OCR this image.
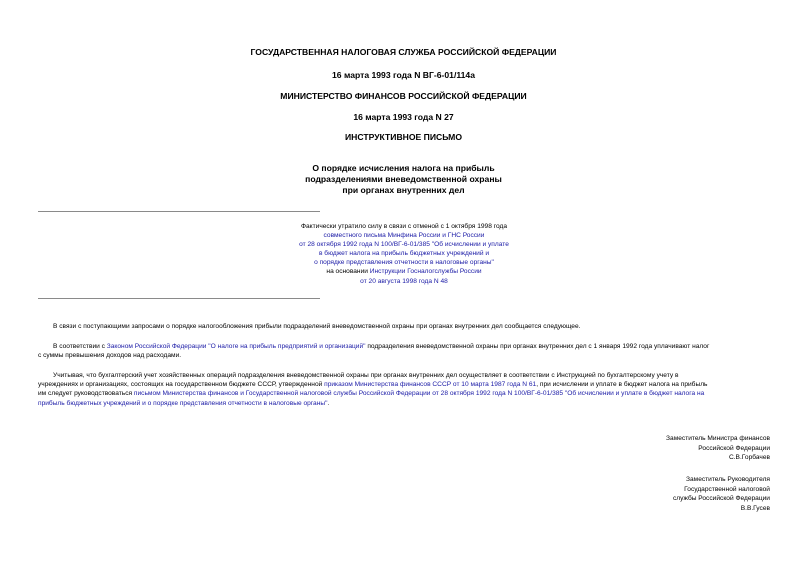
ГОСУДАРСТВЕННАЯ НАЛОГОВАЯ СЛУЖБА РОССИЙСКОЙ ФЕДЕРАЦИИ
16 марта 1993 года N ВГ-6-01/114а
МИНИСТЕРСТВО ФИНАНСОВ РОССИЙСКОЙ ФЕДЕРАЦИИ
16 марта 1993 года N 27
ИНСТРУКТИВНОЕ ПИСЬМО
О порядке исчисления налога на прибыль
подразделениями вневедомственной охраны
при органах внутренних дел
Фактически утратило силу в связи с отменой с 1 октября 1998 года
совместного письма Минфина России и ГНС России
от 28 октября 1992 года N 100/ВГ-6-01/385 "Об исчислении и уплате
в бюджет налога на прибыль бюджетных учреждений и
о порядке представления отчетности в налоговые органы"
на основании Инструкции Госналогслужбы России
от 20 августа 1998 года N 48
В связи с поступающими запросами о порядке налогообложения прибыли подразделений вневедомственной охраны при органах внутренних дел сообщается следующее.
В соответствии с Законом Российской Федерации "О налоге на прибыль предприятий и организаций" подразделения вневедомственной охраны при органах внутренних дел с 1 января 1992 года уплачивают налог
с суммы превышения доходов над расходами.
Учитывая, что бухгалтерский учет хозяйственных операций подразделения вневедомственной охраны при органах внутренних дел осуществляет в соответствии с Инструкцией по бухгалтерскому учету в
учреждениях и организациях, состоящих на государственном бюджете СССР, утвержденной приказом Министерства финансов СССР от 10 марта 1987 года N 61, при исчислении и уплате в бюджет налога на прибыль
им следует руководствоваться письмом Министерства финансов и Государственной налоговой службы Российской Федерации от 28 октября 1992 года N 100/ВГ-6-01/385 "Об исчислении и уплате в бюджет налога на
прибыль бюджетных учреждений и о порядке представления отчетности в налоговые органы".
Заместитель Министра финансов
Российской Федерации
С.В.Горбачев
Заместитель Руководителя
Государственной налоговой
службы Российской Федерации
В.В.Гусев
